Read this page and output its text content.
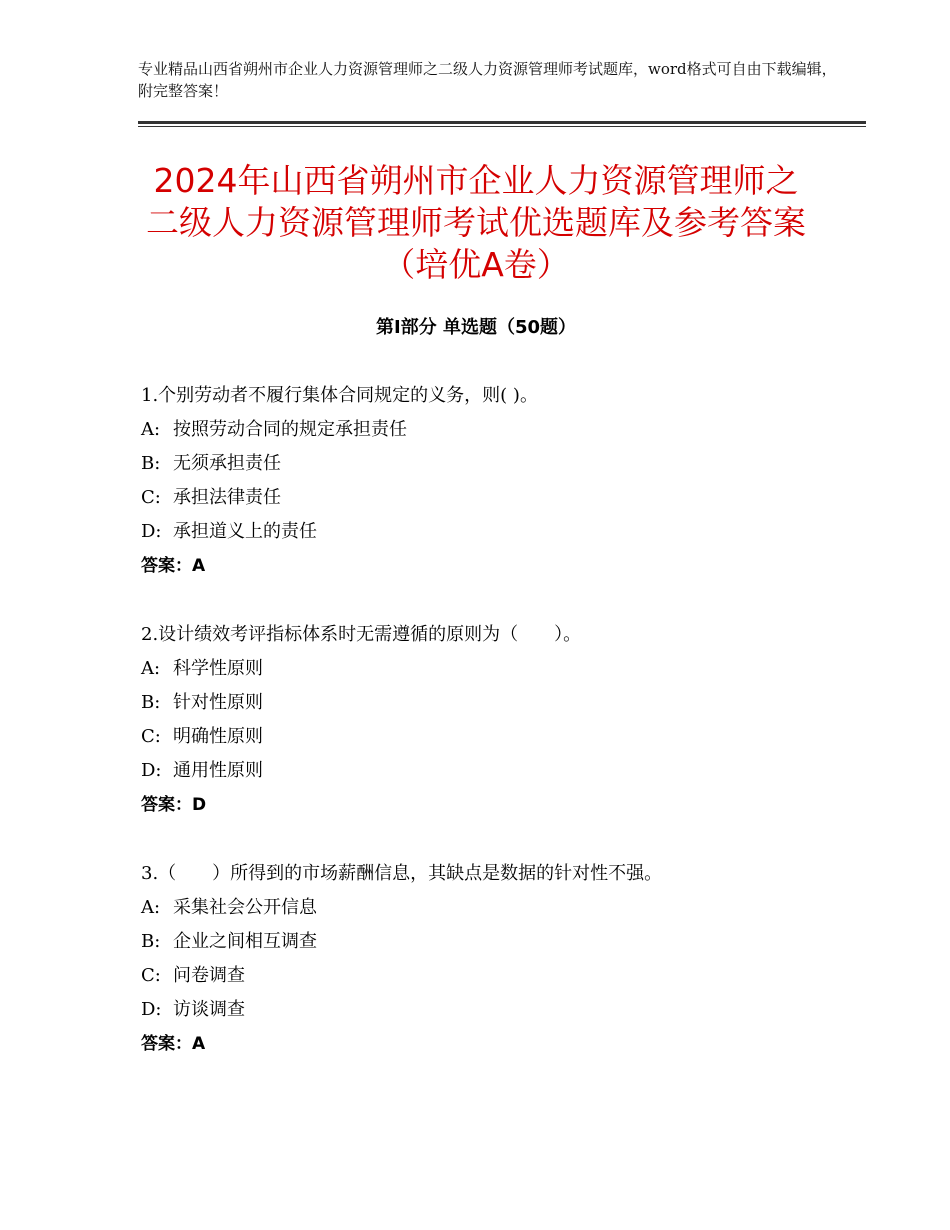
专业精品山西省朔州市企业人力资源管理师之二级人力资源管理师考试题库，word格式可自由下载编辑，附完整答案！
2024年山西省朔州市企业人力资源管理师之二级人力资源管理师考试优选题库及参考答案（培优A卷）
第Ⅰ部分 单选题（50题）
1.个别劳动者不履行集体合同规定的义务，则( )。
A: 按照劳动合同的规定承担责任
B: 无须承担责任
C: 承担法律责任
D: 承担道义上的责任
答案：A
2.设计绩效考评指标体系时无需遵循的原则为（　　）。
A: 科学性原则
B: 针对性原则
C: 明确性原则
D: 通用性原则
答案：D
3.（　　）所得到的市场薪酬信息，其缺点是数据的针对性不强。
A: 采集社会公开信息
B: 企业之间相互调查
C: 问卷调查
D: 访谈调查
答案：A
